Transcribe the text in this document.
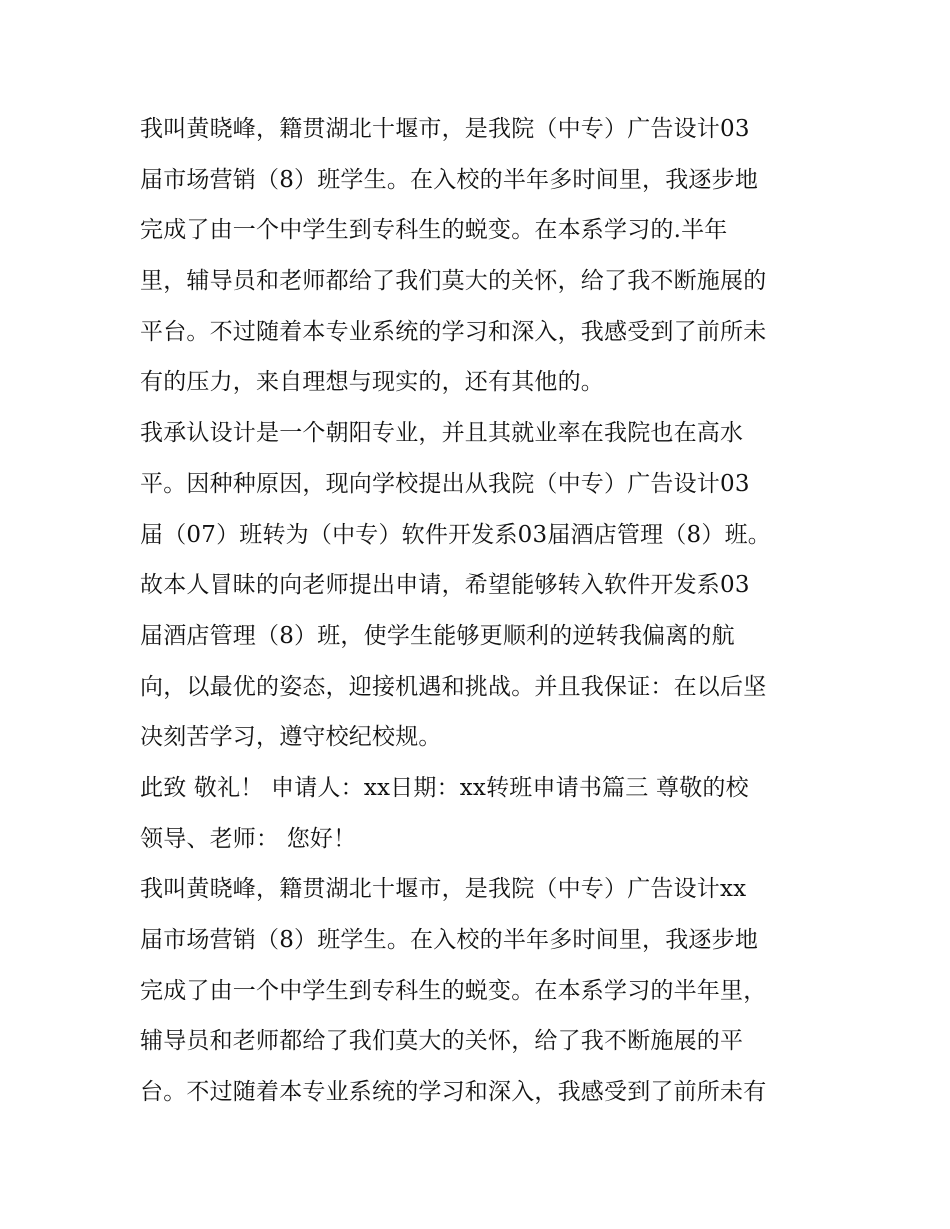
我叫黄晓峰，籍贯湖北十堰市，是我院（中专）广告设计03
届市场营销（8）班学生。在入校的半年多时间里，我逐步地
完成了由一个中学生到专科生的蜕变。在本系学习的.半年
里，辅导员和老师都给了我们莫大的关怀，给了我不断施展的
平台。不过随着本专业系统的学习和深入，我感受到了前所未
有的压力，来自理想与现实的，还有其他的。
我承认设计是一个朝阳专业，并且其就业率在我院也在高水
平。因种种原因，现向学校提出从我院（中专）广告设计03
届（07）班转为（中专）软件开发系03届酒店管理（8）班。
故本人冒昧的向老师提出申请，希望能够转入软件开发系03
届酒店管理（8）班，使学生能够更顺利的逆转我偏离的航
向，以最优的姿态，迎接机遇和挑战。并且我保证：在以后坚
决刻苦学习，遵守校纪校规。
此致 敬礼！ 申请人：xx日期：xx转班申请书篇三 尊敬的校
领导、老师： 您好！
我叫黄晓峰，籍贯湖北十堰市，是我院（中专）广告设计xx
届市场营销（8）班学生。在入校的半年多时间里，我逐步地
完成了由一个中学生到专科生的蜕变。在本系学习的半年里，
辅导员和老师都给了我们莫大的关怀，给了我不断施展的平
台。不过随着本专业系统的学习和深入，我感受到了前所未有
